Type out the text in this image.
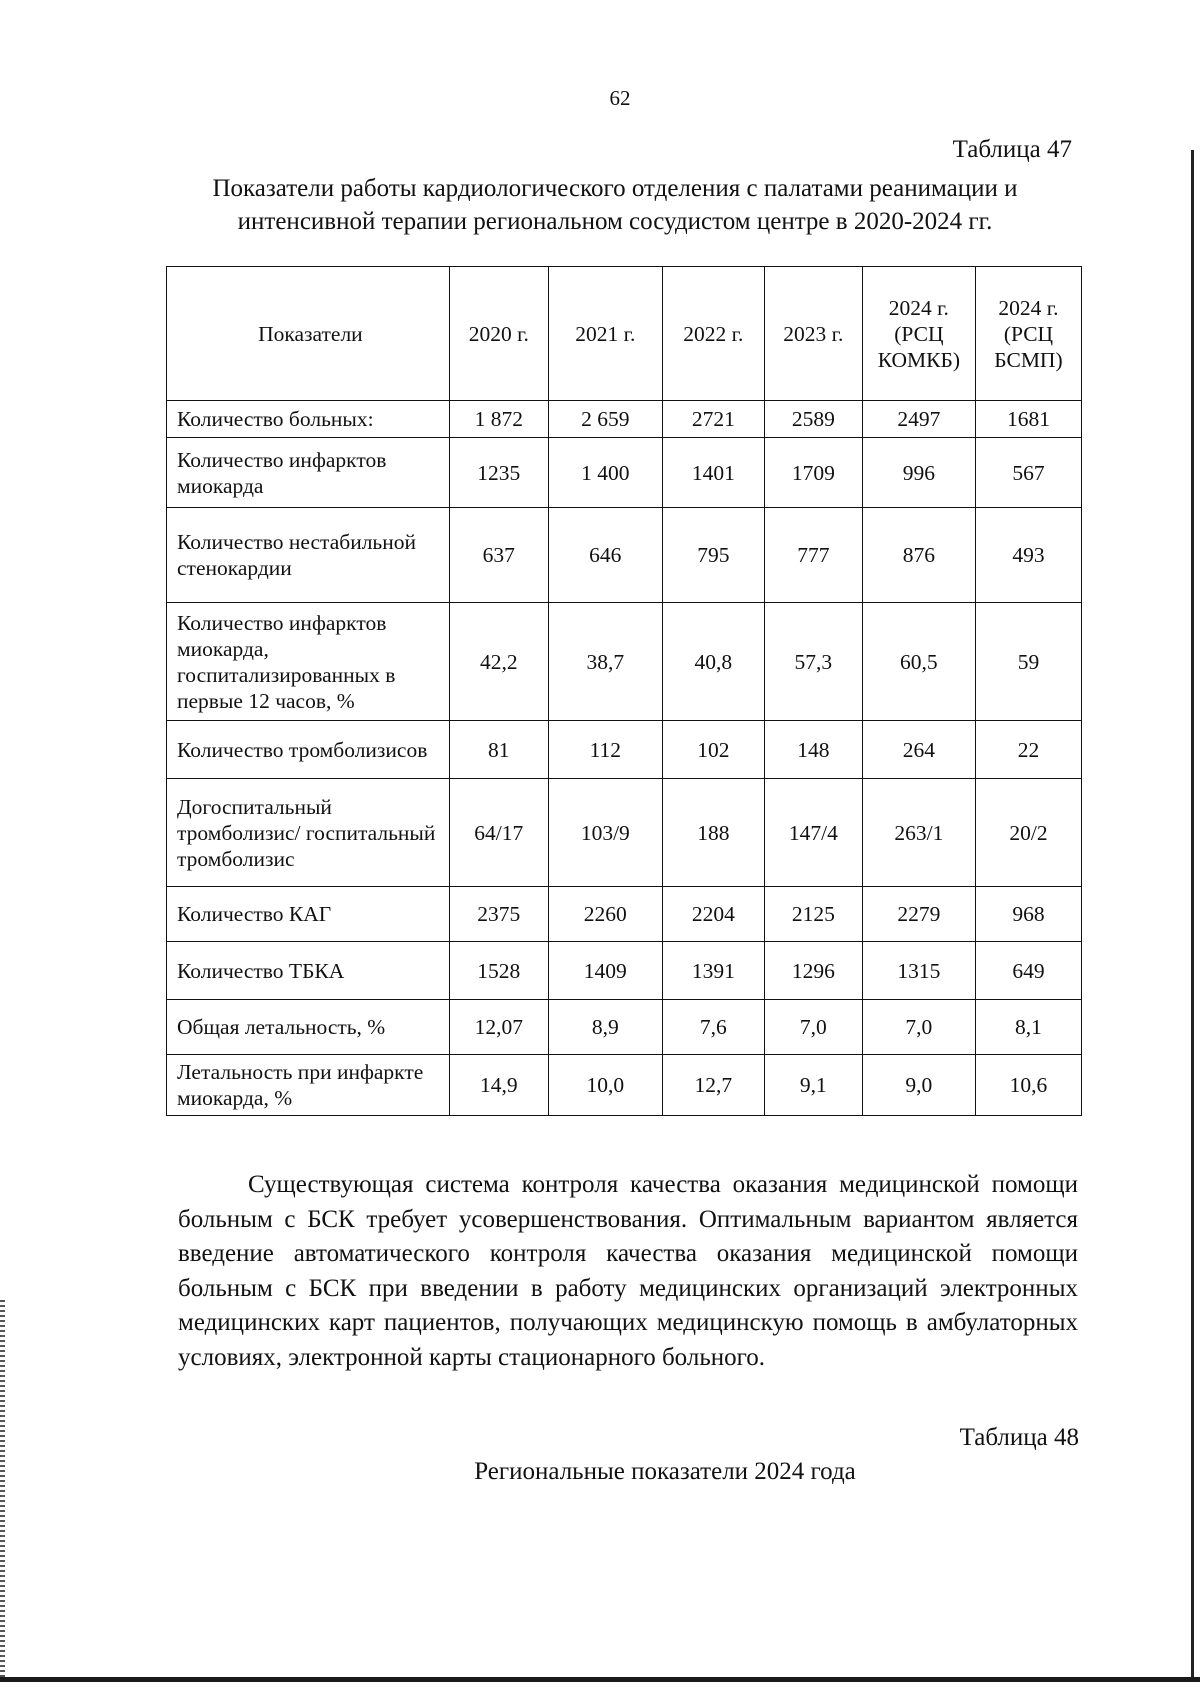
62
Таблица 47
Показатели работы кардиологического отделения с палатами реанимации и интенсивной терапии региональном сосудистом центре в 2020-2024 гг.
Показатели	2020 г.	2021 г.	2022 г.	2023 г.	2024 г. (РСЦ КОМКБ)	2024 г. (РСЦ БСМП)
Количество больных:	1 872	2 659	2721	2589	2497	1681
Количество инфарктов миокарда	1235	1 400	1401	1709	996	567
Количество нестабильной стенокардии	637	646	795	777	876	493
Количество инфарктов миокарда, госпитализированных в первые 12 часов, %	42,2	38,7	40,8	57,3	60,5	59
Количество тромболизисов	81	112	102	148	264	22
Догоспитальный тромболизис/ госпитальный тромболизис	64/17	103/9	188	147/4	263/1	20/2
Количество КАГ	2375	2260	2204	2125	2279	968
Количество ТБКА	1528	1409	1391	1296	1315	649
Общая летальность, %	12,07	8,9	7,6	7,0	7,0	8,1
Летальность при инфаркте миокарда, %	14,9	10,0	12,7	9,1	9,0	10,6

Существующая система контроля качества оказания медицинской помощи больным с БСК требует усовершенствования. Оптимальным вариантом является введение автоматического контроля качества оказания медицинской помощи больным с БСК при введении в работу медицинских организаций электронных медицинских карт пациентов, получающих медицинскую помощь в амбулаторных условиях, электронной карты стационарного больного.

Таблица 48
Региональные показатели 2024 года
